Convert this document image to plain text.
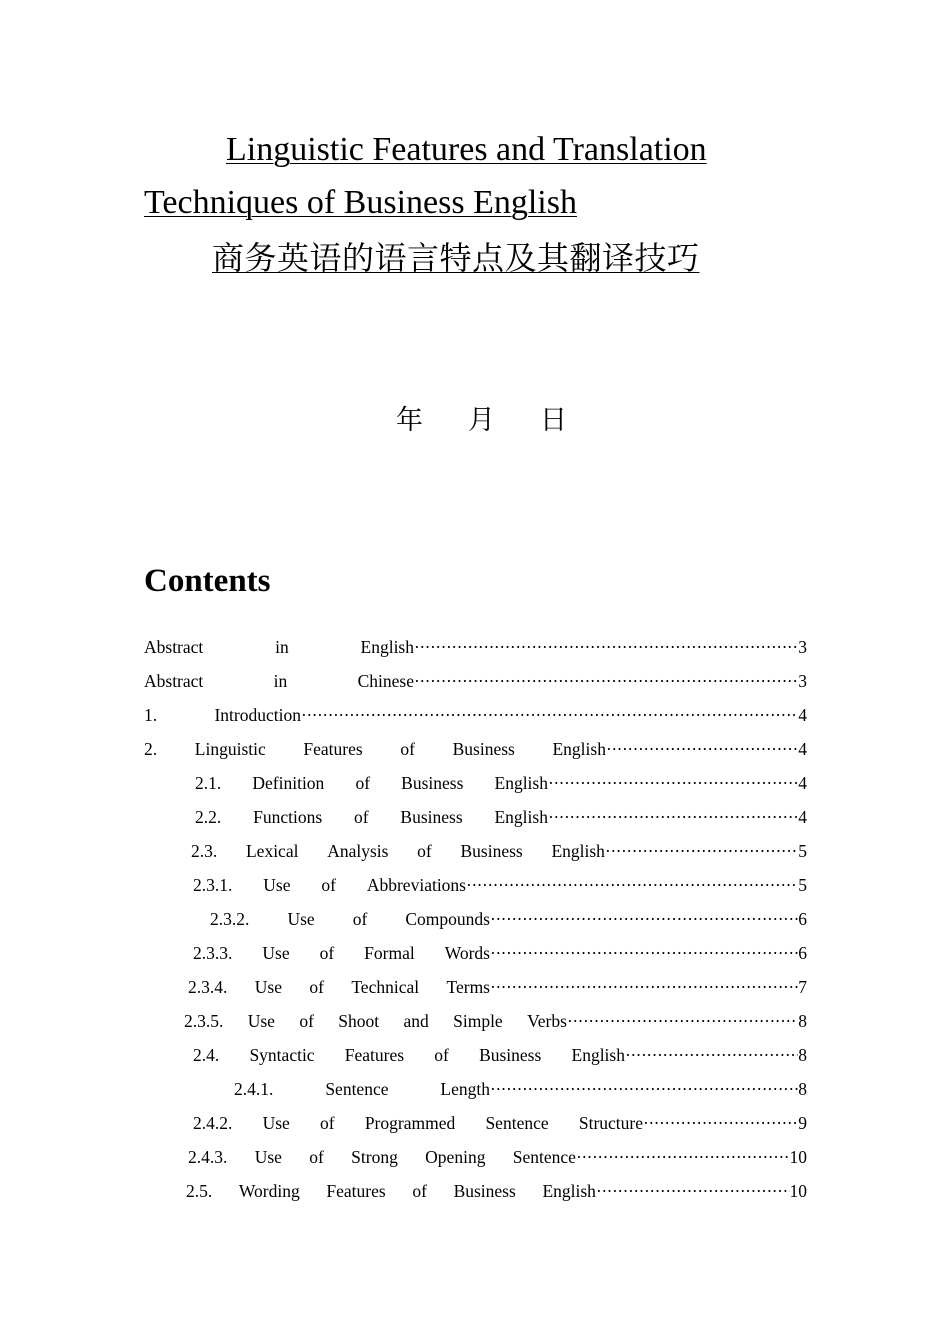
Linguistic Features and Translation
Techniques of Business English
商务英语的语言特点及其翻译技巧
年 月 日
Contents
Abstract	in	English ·····	3
Abstract	in	Chinese ·····	3
1.	Introduction ·····	4
2. Linguistic Features of Business English ·····	4
2.1. Definition of Business English ·····	4
2.2. Functions of Business English ·····	4
2.3. Lexical Analysis of Business English ·····	5
2.3.1. Use of Abbreviations ·····	5
2.3.2. Use of Compounds ·····	6
2.3.3. Use of Formal Words ·····	6
2.3.4. Use of Technical Terms ·····	7
2.3.5. Use of Shoot and Simple Verbs ·····	8
2.4. Syntactic Features of Business English ·····	8
2.4.1.	Sentence	Length ·····	8
2.4.2. Use of Programmed Sentence Structure ·····	9
2.4.3. Use of Strong Opening Sentence ·····	10
2.5. Wording Features of Business English ·····	10
